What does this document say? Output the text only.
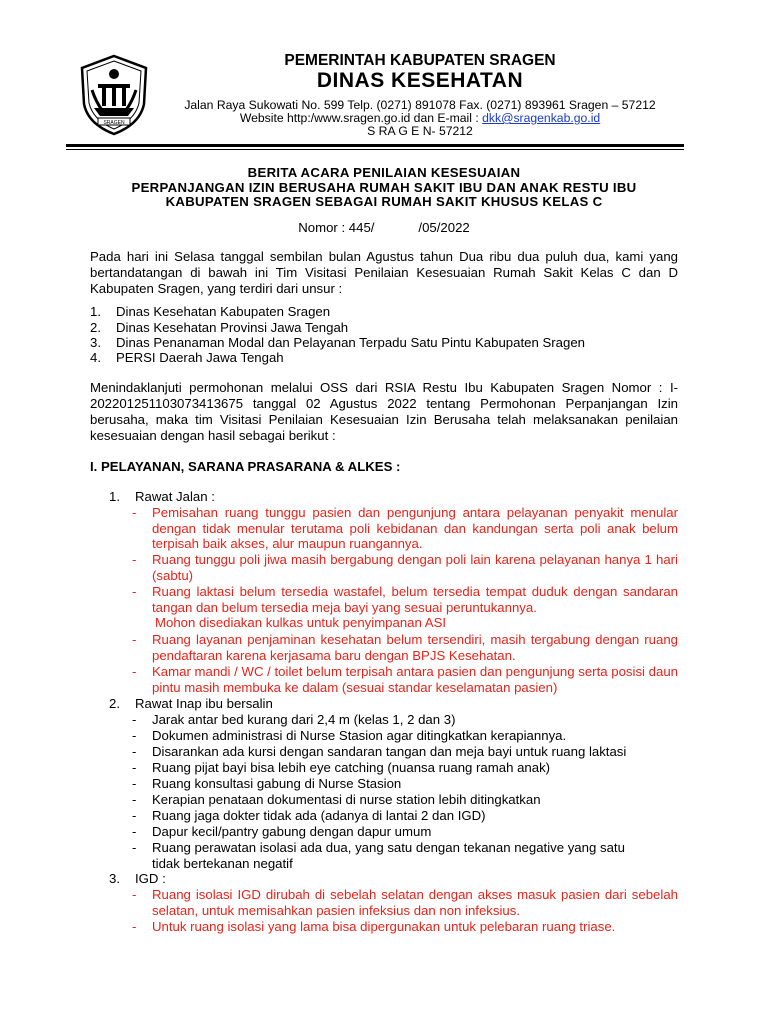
SRAGEN
PEMERINTAH KABUPATEN SRAGEN
DINAS KESEHATAN
Jalan Raya Sukowati No. 599 Telp. (0271) 891078 Fax. (0271) 893961 Sragen – 57212
Website http:/www.sragen.go.id dan E-mail : dkk@sragenkab.go.id
S RA G E N- 57212
BERITA ACARA PENILAIAN KESESUAIAN
PERPANJANGAN IZIN BERUSAHA RUMAH SAKIT IBU DAN ANAK RESTU IBU
KABUPATEN SRAGEN SEBAGAI RUMAH SAKIT KHUSUS KELAS C
Nomor : 445/            /05/2022
Pada hari ini Selasa tanggal sembilan bulan Agustus tahun Dua ribu dua puluh dua, kami yang bertandatangan di bawah ini Tim Visitasi Penilaian Kesesuaian Rumah Sakit Kelas C dan D Kabupaten Sragen, yang terdiri dari unsur :
1. Dinas Kesehatan Kabupaten Sragen
2. Dinas Kesehatan Provinsi Jawa Tengah
3. Dinas Penanaman Modal dan Pelayanan Terpadu Satu Pintu Kabupaten Sragen
4. PERSI Daerah Jawa Tengah
Menindaklanjuti permohonan melalui OSS dari RSIA Restu Ibu Kabupaten Sragen Nomor : I-202201251103073413675 tanggal 02 Agustus 2022 tentang Permohonan Perpanjangan Izin berusaha, maka tim Visitasi Penilaian Kesesuaian Izin Berusaha telah melaksanakan penilaian kesesuaian dengan hasil sebagai berikut :
I. PELAYANAN, SARANA PRASARANA & ALKES :
1. Rawat Jalan :
- Pemisahan ruang tunggu pasien dan pengunjung antara pelayanan penyakit menular dengan tidak menular terutama poli kebidanan dan kandungan serta poli anak belum terpisah baik akses, alur maupun ruangannya.
- Ruang tunggu poli jiwa masih bergabung dengan poli lain karena pelayanan hanya 1 hari (sabtu)
- Ruang laktasi belum tersedia wastafel, belum tersedia tempat duduk dengan sandaran tangan dan belum tersedia meja bayi yang sesuai peruntukannya.
Mohon disediakan kulkas untuk penyimpanan ASI
- Ruang layanan penjaminan kesehatan belum tersendiri, masih tergabung dengan ruang pendaftaran karena kerjasama baru dengan BPJS Kesehatan.
- Kamar mandi / WC / toilet belum terpisah antara pasien dan pengunjung serta posisi daun pintu masih membuka ke dalam (sesuai standar keselamatan pasien)
2. Rawat Inap ibu bersalin
- Jarak antar bed kurang dari 2,4 m (kelas 1, 2 dan 3)
- Dokumen administrasi di Nurse Stasion agar ditingkatkan kerapiannya.
- Disarankan ada kursi dengan sandaran tangan dan meja bayi untuk ruang laktasi
- Ruang pijat bayi bisa lebih eye catching (nuansa ruang ramah anak)
- Ruang konsultasi gabung di Nurse Stasion
- Kerapian penataan dokumentasi di nurse station lebih ditingkatkan
- Ruang jaga dokter tidak ada (adanya di lantai 2 dan IGD)
- Dapur kecil/pantry gabung dengan dapur umum
- Ruang perawatan isolasi ada dua, yang satu dengan tekanan negative yang satu tidak bertekanan negatif
3. IGD :
- Ruang isolasi IGD dirubah di sebelah selatan dengan akses masuk pasien dari sebelah selatan, untuk memisahkan pasien infeksius dan non infeksius.
- Untuk ruang isolasi yang lama bisa dipergunakan untuk pelebaran ruang triase.
